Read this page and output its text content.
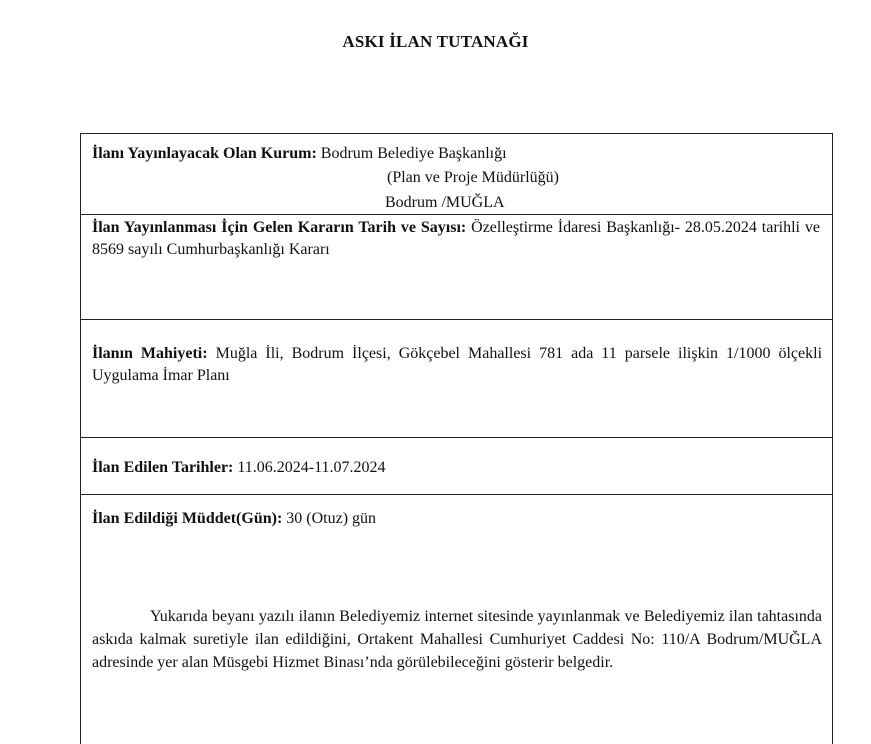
ASKI İLAN TUTANAĞI
İlanı Yayınlayacak Olan Kurum: Bodrum Belediye Başkanlığı
(Plan ve Proje Müdürlüğü)
Bodrum /MUĞLA
İlan Yayınlanması İçin Gelen Kararın Tarih ve Sayısı: Özelleştirme İdaresi Başkanlığı- 28.05.2024 tarihli ve 8569 sayılı Cumhurbaşkanlığı Kararı
İlanın Mahiyeti: Muğla İli, Bodrum İlçesi, Gökçebel Mahallesi 781 ada 11 parsele ilişkin 1/1000 ölçekli Uygulama İmar Planı
İlan Edilen Tarihler: 11.06.2024-11.07.2024
İlan Edildiği Müddet(Gün): 30 (Otuz) gün
Yukarıda beyanı yazılı ilanın Belediyemiz internet sitesinde yayınlanmak ve Belediyemiz ilan tahtasında askıda kalmak suretiyle ilan edildiğini, Ortakent Mahallesi Cumhuriyet Caddesi No: 110/A Bodrum/MUĞLA adresinde yer alan Müsgebi Hizmet Binası’nda görülebileceğini gösterir belgedir.
